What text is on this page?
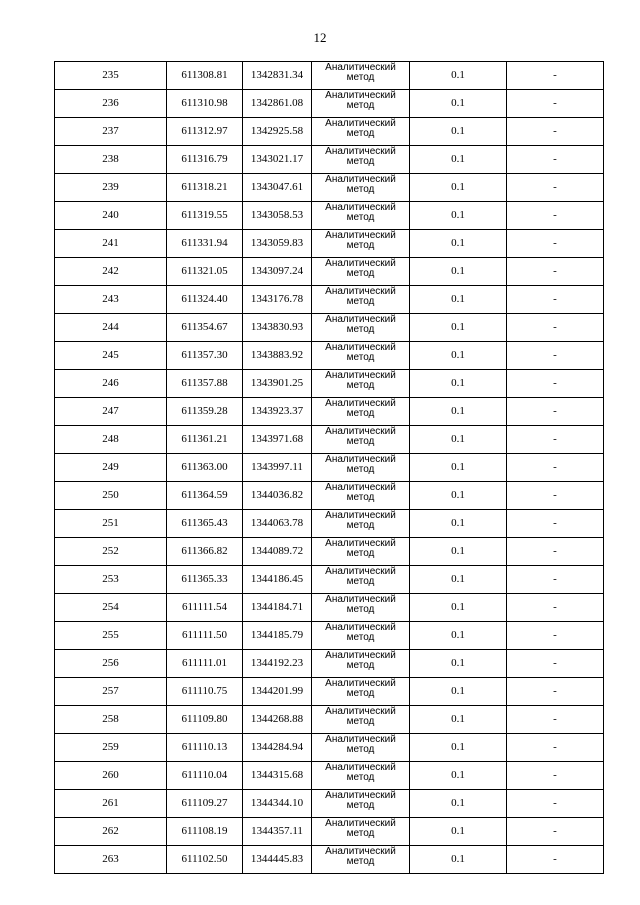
12
235	611308.81	1342831.34	Аналитический
метод	0.1	-
236	611310.98	1342861.08	Аналитический
метод	0.1	-
237	611312.97	1342925.58	Аналитический
метод	0.1	-
238	611316.79	1343021.17	Аналитический
метод	0.1	-
239	611318.21	1343047.61	Аналитический
метод	0.1	-
240	611319.55	1343058.53	Аналитический
метод	0.1	-
241	611331.94	1343059.83	Аналитический
метод	0.1	-
242	611321.05	1343097.24	Аналитический
метод	0.1	-
243	611324.40	1343176.78	Аналитический
метод	0.1	-
244	611354.67	1343830.93	Аналитический
метод	0.1	-
245	611357.30	1343883.92	Аналитический
метод	0.1	-
246	611357.88	1343901.25	Аналитический
метод	0.1	-
247	611359.28	1343923.37	Аналитический
метод	0.1	-
248	611361.21	1343971.68	Аналитический
метод	0.1	-
249	611363.00	1343997.11	Аналитический
метод	0.1	-
250	611364.59	1344036.82	Аналитический
метод	0.1	-
251	611365.43	1344063.78	Аналитический
метод	0.1	-
252	611366.82	1344089.72	Аналитический
метод	0.1	-
253	611365.33	1344186.45	Аналитический
метод	0.1	-
254	611111.54	1344184.71	Аналитический
метод	0.1	-
255	611111.50	1344185.79	Аналитический
метод	0.1	-
256	611111.01	1344192.23	Аналитический
метод	0.1	-
257	611110.75	1344201.99	Аналитический
метод	0.1	-
258	611109.80	1344268.88	Аналитический
метод	0.1	-
259	611110.13	1344284.94	Аналитический
метод	0.1	-
260	611110.04	1344315.68	Аналитический
метод	0.1	-
261	611109.27	1344344.10	Аналитический
метод	0.1	-
262	611108.19	1344357.11	Аналитический
метод	0.1	-
263	611102.50	1344445.83	Аналитический
метод	0.1	-
